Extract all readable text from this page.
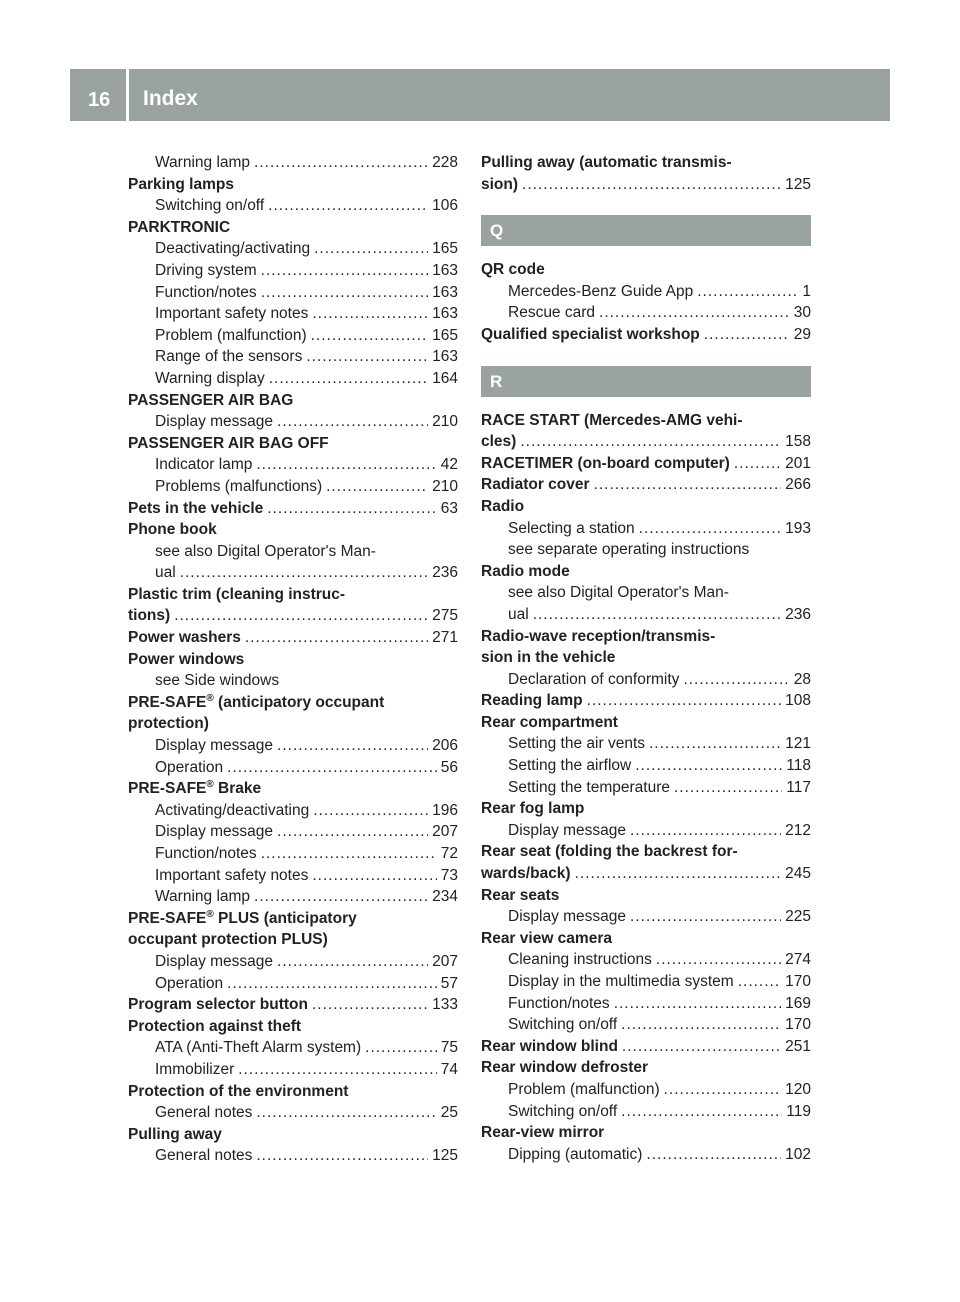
16 Index
Warning lamp .....	228
Parking lamps
Switching on/off .....	106
PARKTRONIC
Deactivating/activating .....	165
Driving system .....	163
Function/notes .....	163
Important safety notes .....	163
Problem (malfunction) .....	165
Range of the sensors .....	163
Warning display .....	164
PASSENGER AIR BAG
Display message .....	210
PASSENGER AIR BAG OFF
Indicator lamp .....	42
Problems (malfunctions) .....	210
Pets in the vehicle .....	63
Phone book
see also Digital Operator's Man-
ual .....	236
Plastic trim (cleaning instruc-
tions) .....	275
Power washers .....	271
Power windows
see Side windows
PRE-SAFE® (anticipatory occupant
protection)
Display message .....	206
Operation .....	56
PRE-SAFE® Brake
Activating/deactivating .....	196
Display message .....	207
Function/notes .....	72
Important safety notes .....	73
Warning lamp .....	234
PRE-SAFE® PLUS (anticipatory
occupant protection PLUS)
Display message .....	207
Operation .....	57
Program selector button .....	133
Protection against theft
ATA (Anti-Theft Alarm system) .....	75
Immobilizer .....	74
Protection of the environment
General notes .....	25
Pulling away
General notes .....	125
Pulling away (automatic transmis-
sion) .....	125
Q
QR code
Mercedes-Benz Guide App .....	1
Rescue card .....	30
Qualified specialist workshop .....	29
R
RACE START (Mercedes-AMG vehi-
cles) .....	158
RACETIMER (on-board computer) .....	201
Radiator cover .....	266
Radio
Selecting a station .....	193
see separate operating instructions
Radio mode
see also Digital Operator's Man-
ual .....	236
Radio-wave reception/transmis-
sion in the vehicle
Declaration of conformity .....	28
Reading lamp .....	108
Rear compartment
Setting the air vents .....	121
Setting the airflow .....	118
Setting the temperature .....	117
Rear fog lamp
Display message .....	212
Rear seat (folding the backrest for-
wards/back) .....	245
Rear seats
Display message .....	225
Rear view camera
Cleaning instructions .....	274
Display in the multimedia system .....	170
Function/notes .....	169
Switching on/off .....	170
Rear window blind .....	251
Rear window defroster
Problem (malfunction) .....	120
Switching on/off .....	119
Rear-view mirror
Dipping (automatic) .....	102
